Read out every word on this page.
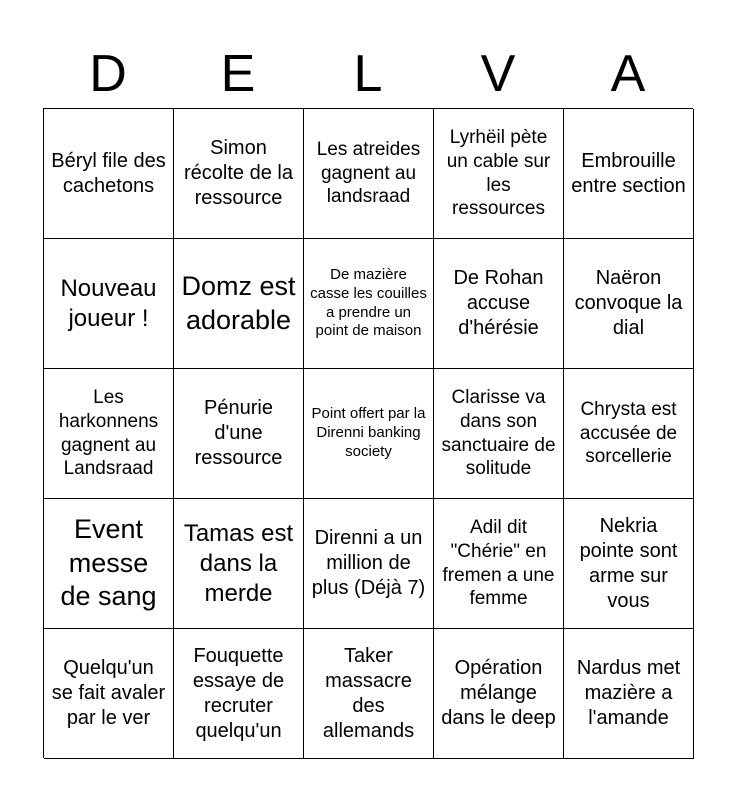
D	E	L	V	A
Béryl file des cachetons
Simon récolte de la ressource
Les atreides gagnent au landsraad
Lyrhëil pète un cable sur les ressources
Embrouille entre section
Nouveau joueur !
Domz est adorable
De mazière casse les couilles a prendre un point de maison
De Rohan accuse d'hérésie
Naëron convoque la dial
Les harkonnens gagnent au Landsraad
Pénurie d'une ressource
Point offert par la Direnni banking society
Clarisse va dans son sanctuaire de solitude
Chrysta est accusée de sorcellerie
Event messe de sang
Tamas est dans la merde
Direnni a un million de plus (Déjà 7)
Adil dit "Chérie" en fremen a une femme
Nekria pointe sont arme sur vous
Quelqu'un se fait avaler par le ver
Fouquette essaye de recruter quelqu'un
Taker massacre des allemands
Opération mélange dans le deep
Nardus met mazière a l'amande
